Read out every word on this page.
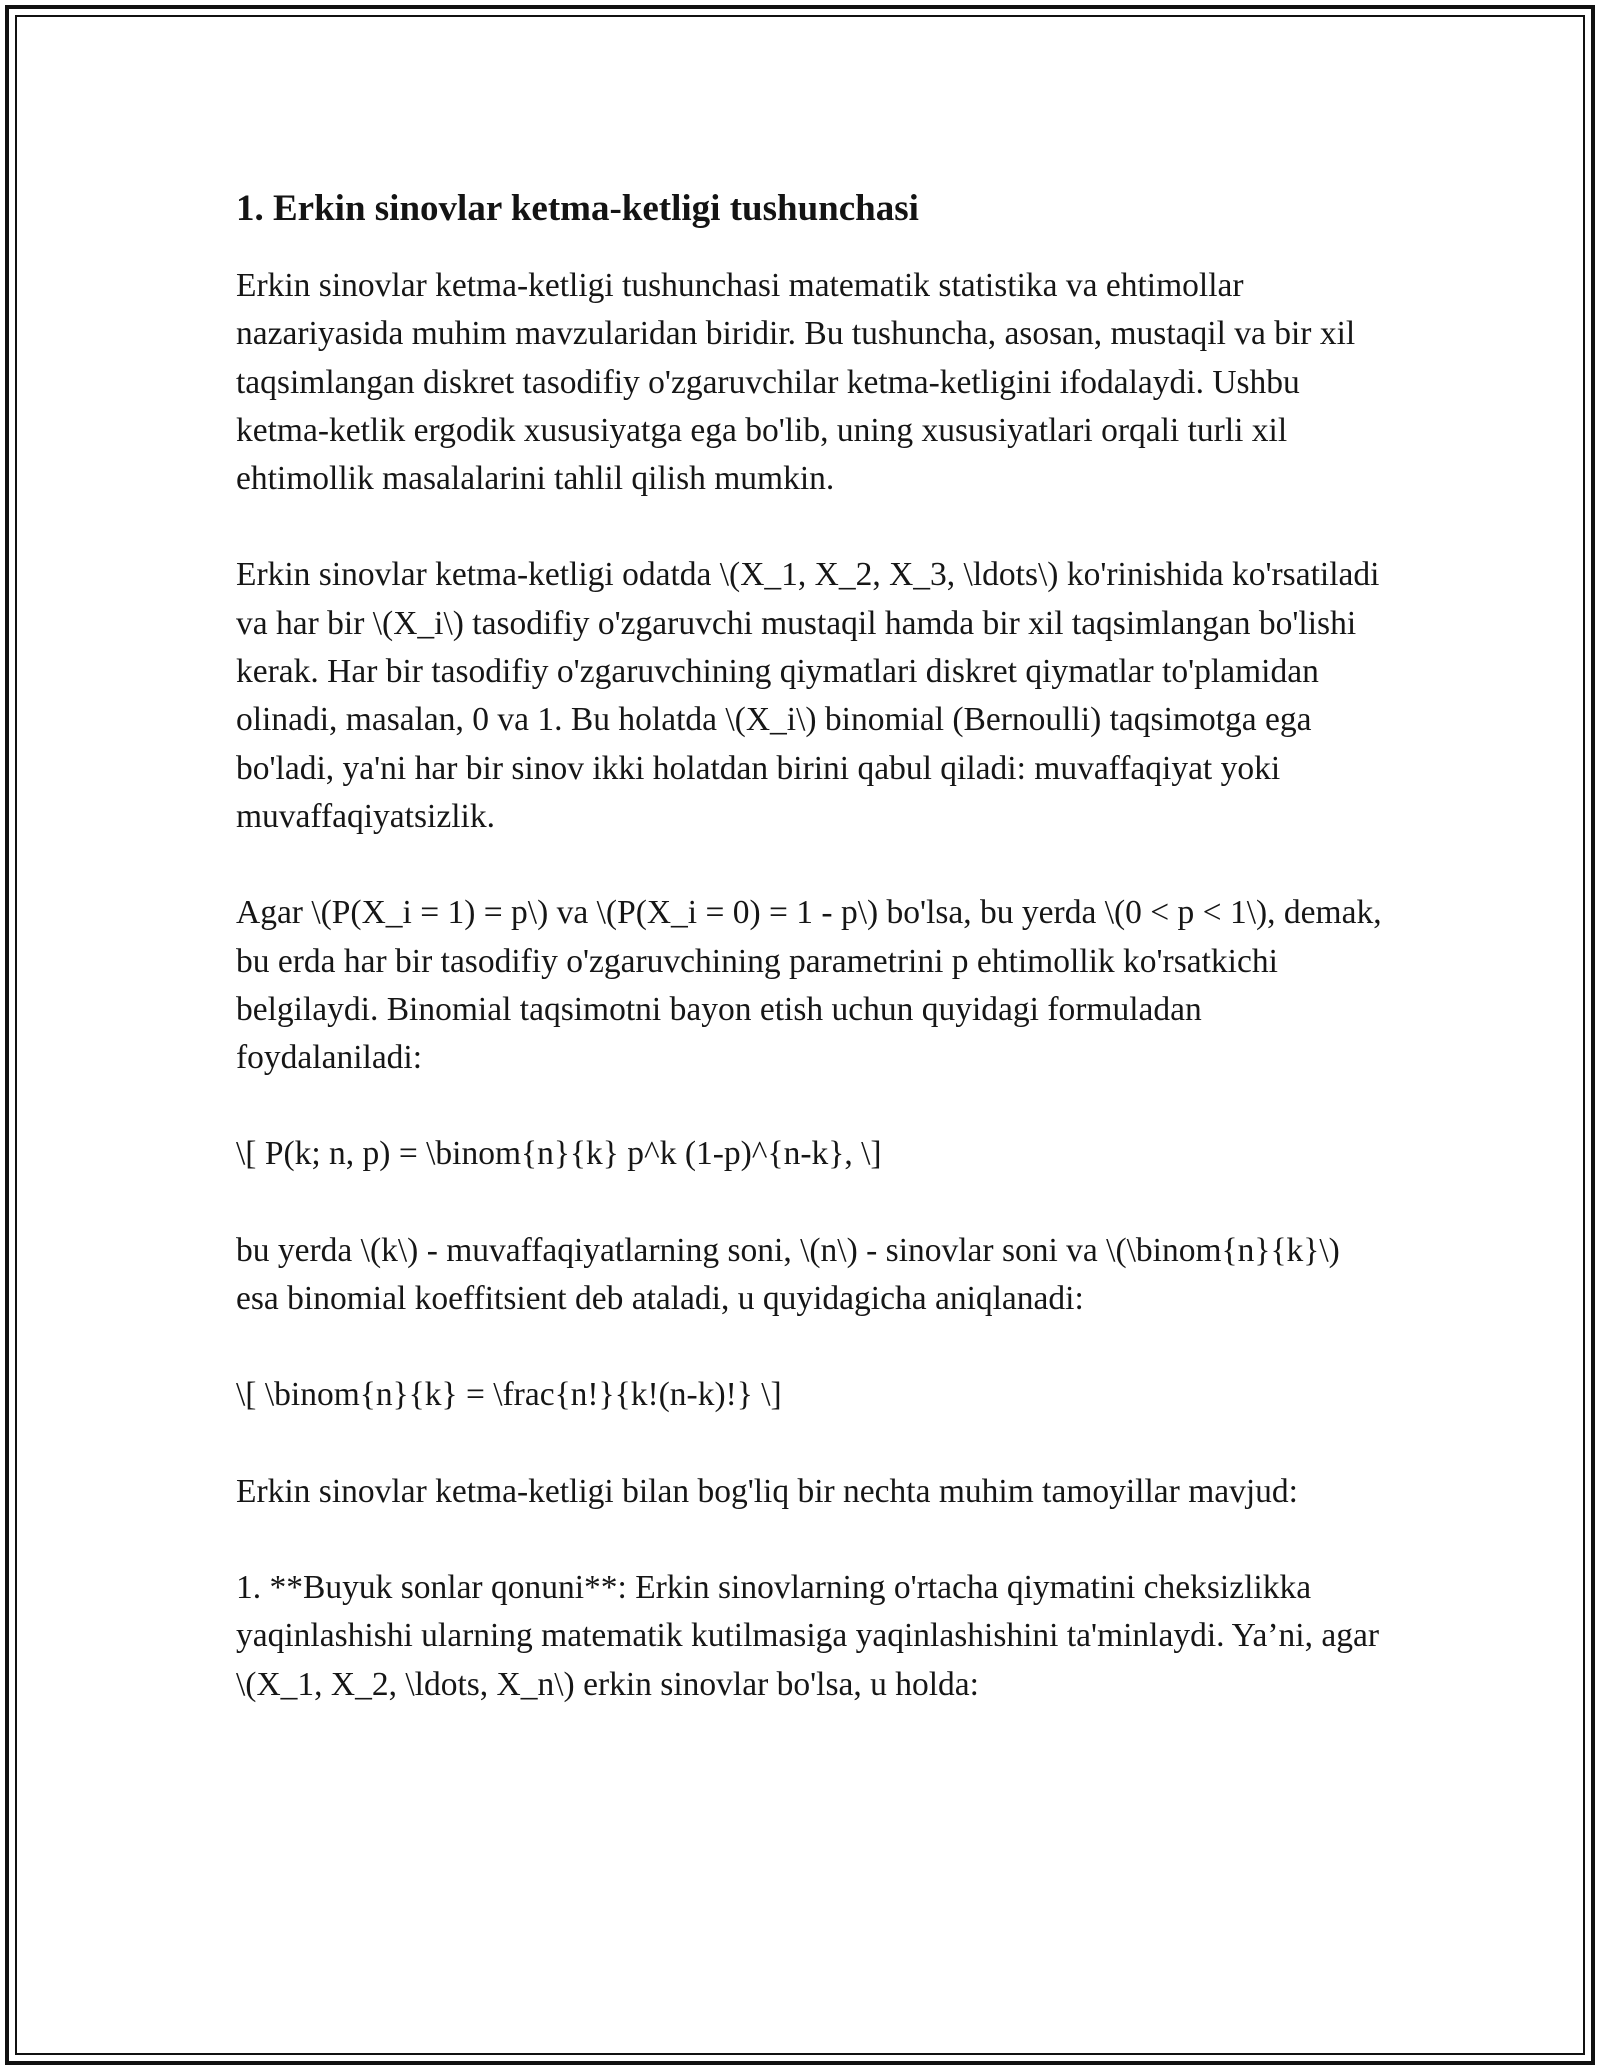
1. Erkin sinovlar ketma-ketligi tushunchasi

Erkin sinovlar ketma-ketligi tushunchasi matematik statistika va ehtimollar nazariyasida muhim mavzularidan biridir. Bu tushuncha, asosan, mustaqil va bir xil taqsimlangan diskret tasodifiy o'zgaruvchilar ketma-ketligini ifodalaydi. Ushbu ketma-ketlik ergodik xususiyatga ega bo'lib, uning xususiyatlari orqali turli xil ehtimollik masalalarini tahlil qilish mumkin.

Erkin sinovlar ketma-ketligi odatda \(X_1, X_2, X_3, \ldots\) ko'rinishida ko'rsatiladi va har bir \(X_i\) tasodifiy o'zgaruvchi mustaqil hamda bir xil taqsimlangan bo'lishi kerak. Har bir tasodifiy o'zgaruvchining qiymatlari diskret qiymatlar to'plamidan olinadi, masalan, 0 va 1. Bu holatda \(X_i\) binomial (Bernoulli) taqsimotga ega bo'ladi, ya'ni har bir sinov ikki holatdan birini qabul qiladi: muvaffaqiyat yoki muvaffaqiyatsizlik.

Agar \(P(X_i = 1) = p\) va \(P(X_i = 0) = 1 - p\) bo'lsa, bu yerda \(0 < p < 1\), demak, bu erda har bir tasodifiy o'zgaruvchining parametrini p ehtimollik ko'rsatkichi belgilaydi. Binomial taqsimotni bayon etish uchun quyidagi formuladan foydalaniladi:

\[ P(k; n, p) = \binom{n}{k} p^k (1-p)^{n-k}, \]

bu yerda \(k\) - muvaffaqiyatlarning soni, \(n\) - sinovlar soni va \(\binom{n}{k}\) esa binomial koeffitsient deb ataladi, u quyidagicha aniqlanadi:

\[ \binom{n}{k} = \frac{n!}{k!(n-k)!} \]

Erkin sinovlar ketma-ketligi bilan bog'liq bir nechta muhim tamoyillar mavjud:

1. **Buyuk sonlar qonuni**: Erkin sinovlarning o'rtacha qiymatini cheksizlikka yaqinlashishi ularning matematik kutilmasiga yaqinlashishini ta'minlaydi. Ya’ni, agar \(X_1, X_2, \ldots, X_n\) erkin sinovlar bo'lsa, u holda:
